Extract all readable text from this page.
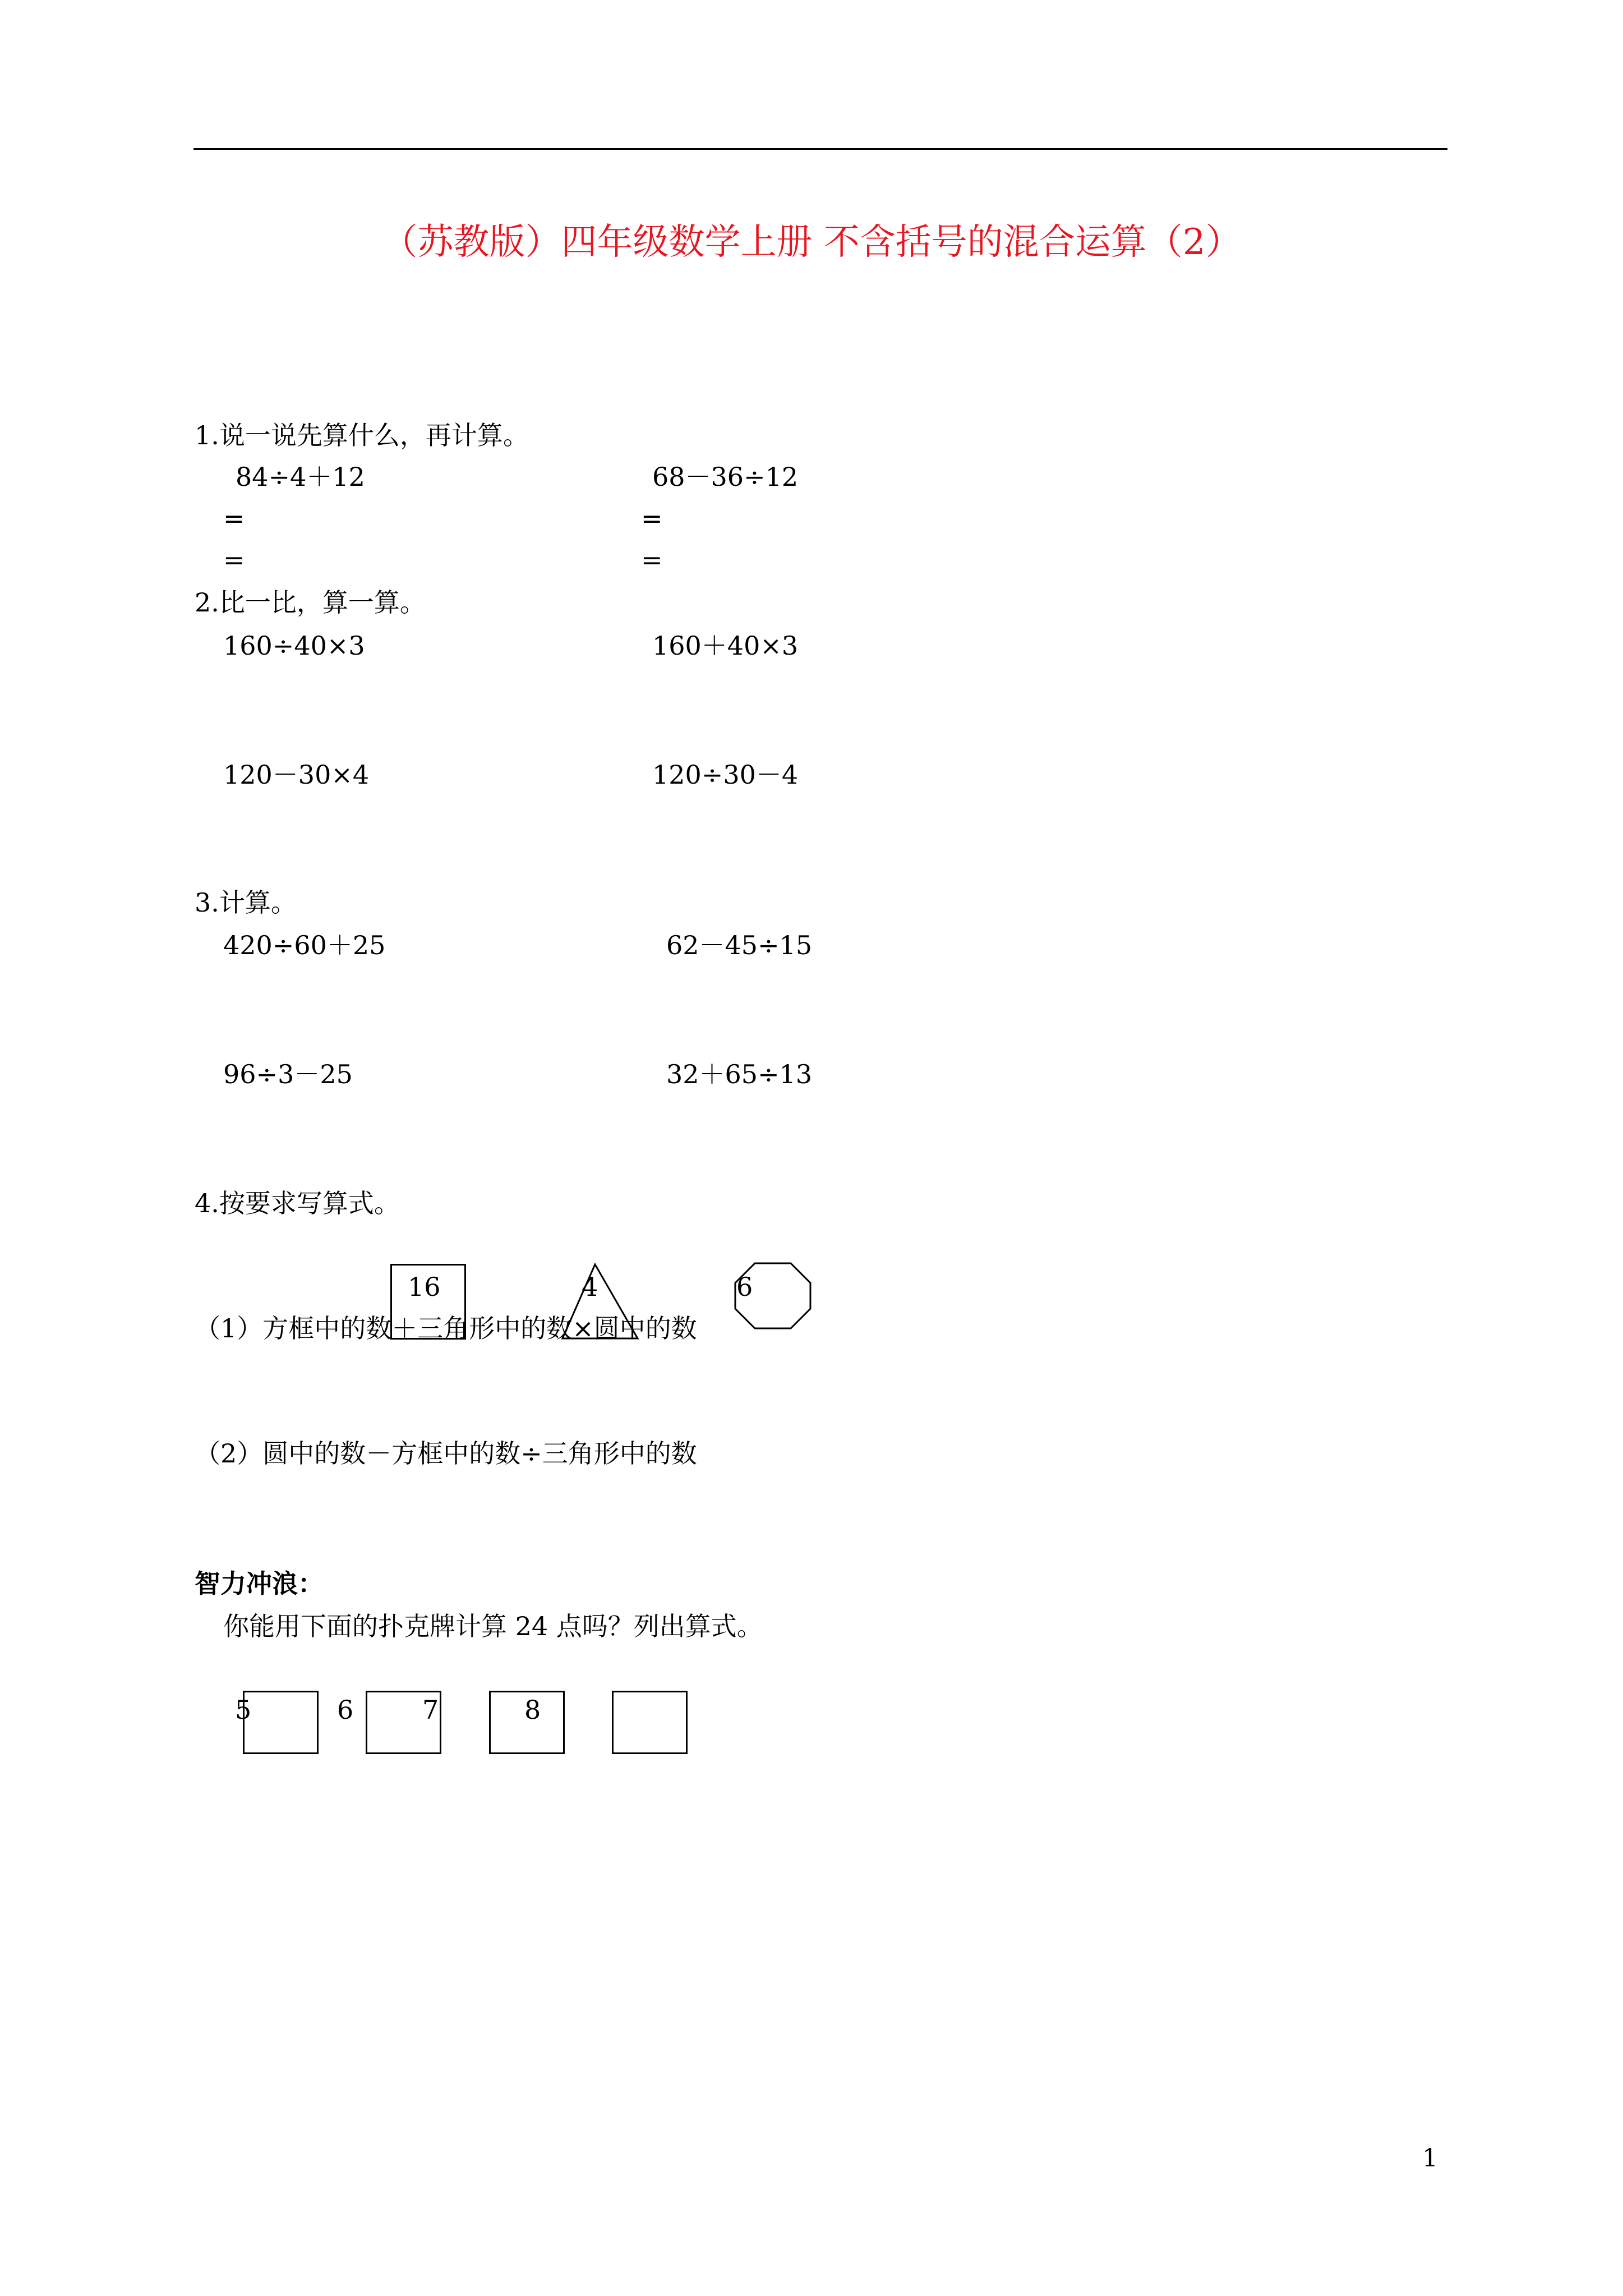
（苏教版）四年级数学上册 不含括号的混合运算（2）
1.说一说先算什么，再计算。
84÷4＋12	68－36÷12
=	=
=	=
2.比一比，算一算。
160÷40×3	160＋40×3
120－30×4	120÷30－4
3.计算。
420÷60＋25	62－45÷15
96÷3－25	32＋65÷13
4.按要求写算式。
16	4	6
（1）方框中的数＋三角形中的数×圆中的数
（2）圆中的数－方框中的数÷三角形中的数
智力冲浪：
你能用下面的扑克牌计算 24 点吗？列出算式。
5	6	7	8
1
